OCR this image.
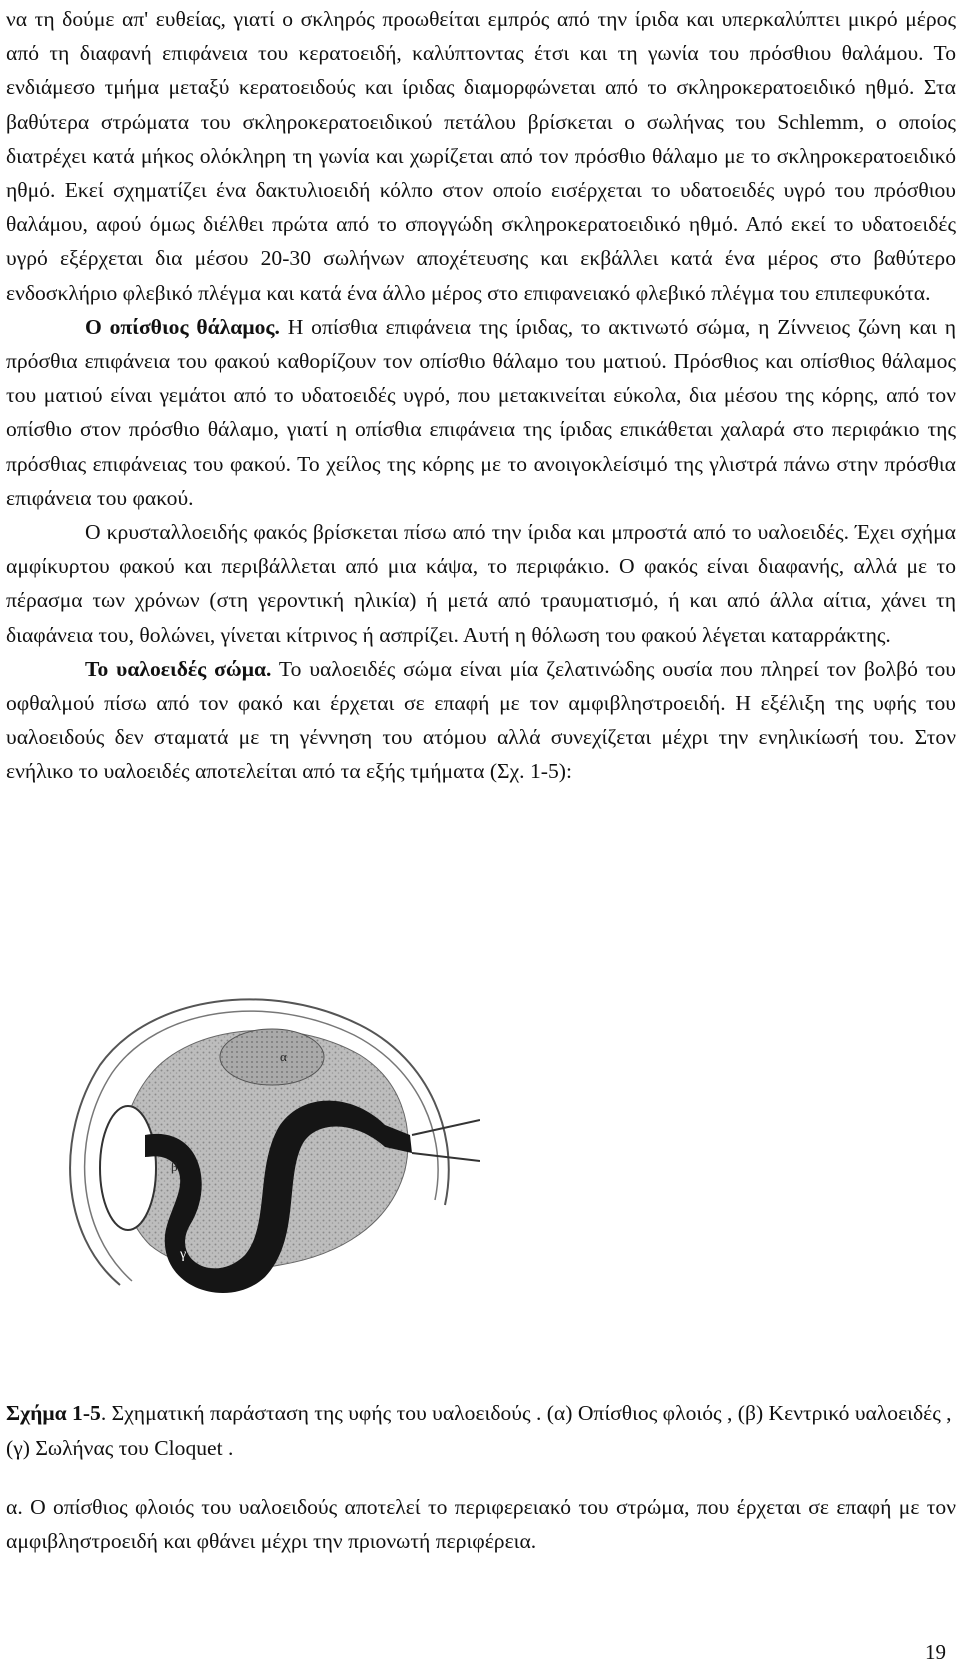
να τη δούμε απ' ευθείας, γιατί ο σκληρός προωθείται εμπρός από την ίριδα και υπερκαλύπτει μικρό μέρος από τη διαφανή επιφάνεια του κερατοειδή, καλύπτοντας έτσι και τη γωνία του πρόσθιου θαλάμου. Το ενδιάμεσο τμήμα μεταξύ κερατοειδούς και ίριδας διαμορφώνεται από το σκληροκερατοειδικό ηθμό. Στα βαθύτερα στρώματα του σκληροκερατοειδικού πετάλου βρίσκεται ο σωλήνας του Schlemm, ο οποίος διατρέχει κατά μήκος ολόκληρη τη γωνία και χωρίζεται από τον πρόσθιο θάλαμο με το σκληροκερατοειδικό ηθμό. Εκεί σχηματίζει ένα δακτυλιοειδή κόλπο στον οποίο εισέρχεται το υδατοειδές υγρό του πρόσθιου θαλάμου, αφού όμως διέλθει πρώτα από το σπογγώδη σκληροκερατοειδικό ηθμό. Από εκεί το υδατοειδές υγρό εξέρχεται δια μέσου 20-30 σωλήνων αποχέτευσης και εκβάλλει κατά ένα μέρος στο βαθύτερο ενδοσκλήριο φλεβικό πλέγμα και κατά ένα άλλο μέρος στο επιφανειακό φλεβικό πλέγμα του επιπεφυκότα.

Ο οπίσθιος θάλαμος. Η οπίσθια επιφάνεια της ίριδας, το ακτινωτό σώμα, η Ζίννειος ζώνη και η πρόσθια επιφάνεια του φακού καθορίζουν τον οπίσθιο θάλαμο του ματιού. Πρόσθιος και οπίσθιος θάλαμος του ματιού είναι γεμάτοι από το υδατοειδές υγρό, που μετακινείται εύκολα, δια μέσου της κόρης, από τον οπίσθιο στον πρόσθιο θάλαμο, γιατί η οπίσθια επιφάνεια της ίριδας επικάθεται χαλαρά στο περιφάκιο της πρόσθιας επιφάνειας του φακού. Το χείλος της κόρης με το ανοιγοκλείσιμό της γλιστρά πάνω στην πρόσθια επιφάνεια του φακού.

Ο κρυσταλλοειδής φακός βρίσκεται πίσω από την ίριδα και μπροστά από το υαλοειδές. Έχει σχήμα αμφίκυρτου φακού και περιβάλλεται από μια κάψα, το περιφάκιο. Ο φακός είναι διαφανής, αλλά με το πέρασμα των χρόνων (στη γεροντική ηλικία) ή μετά από τραυματισμό, ή και από άλλα αίτια, χάνει τη διαφάνεια του, θολώνει, γίνεται κίτρινος ή ασπρίζει. Αυτή η θόλωση του φακού λέγεται καταρράκτης.

Το υαλοειδές σώμα. Το υαλοειδές σώμα είναι μία ζελατινώδης ουσία που πληρεί τον βολβό του οφθαλμού πίσω από τον φακό και έρχεται σε επαφή με τον αμφιβληστροειδή. Η εξέλιξη της υφής του υαλοειδούς δεν σταματά με τη γέννηση του ατόμου αλλά συνεχίζεται μέχρι την ενηλικίωσή του. Στον ενήλικο το υαλοειδές αποτελείται από τα εξής τμήματα (Σχ. 1-5):

α
β
γ
Σχήμα 1-5. Σχηματική παράσταση της υφής του υαλοειδούς . (α) Οπίσθιος φλοιός , (β) Κεντρικό υαλοειδές ,(γ) Σωλήνας του Cloquet .
α. Ο οπίσθιος φλοιός του υαλοειδούς αποτελεί το περιφερειακό του στρώμα, που έρχεται σε επαφή με τον αμφιβληστροειδή και φθάνει μέχρι την πριονωτή περιφέρεια.
19
